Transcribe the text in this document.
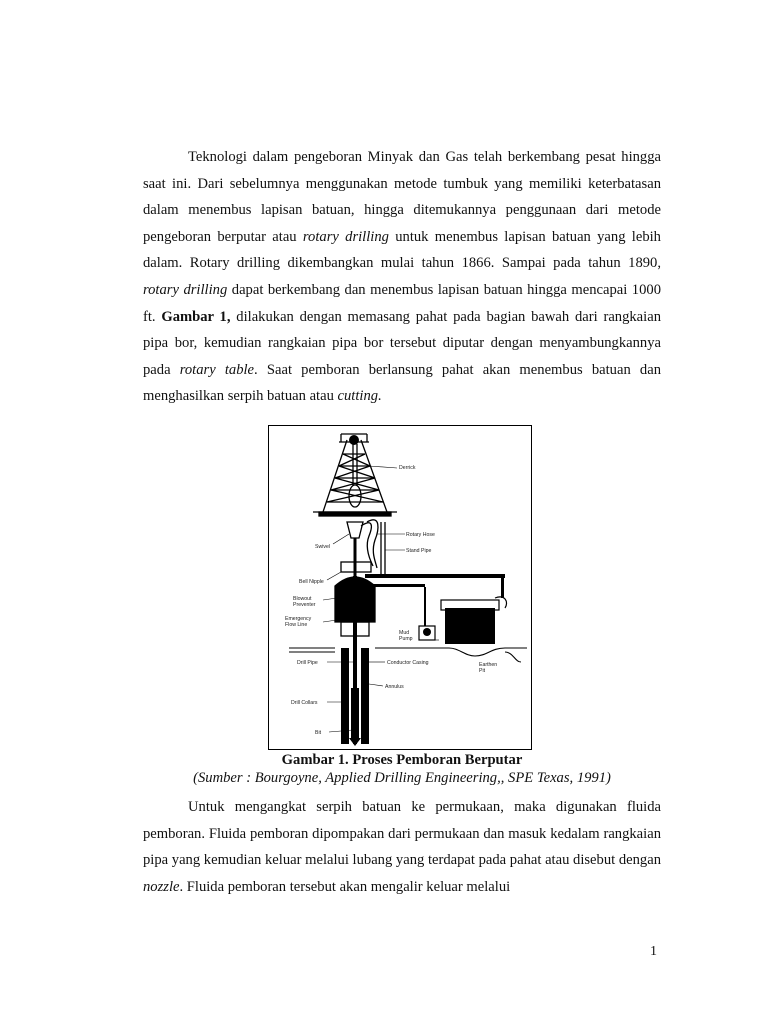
Teknologi dalam pengeboran Minyak dan Gas telah berkembang pesat hingga saat ini. Dari sebelumnya menggunakan metode tumbuk yang memiliki keterbatasan dalam menembus lapisan batuan, hingga ditemukannya penggunaan dari metode pengeboran berputar atau rotary drilling untuk menembus lapisan batuan yang lebih dalam. Rotary drilling dikembangkan mulai tahun 1866. Sampai pada tahun 1890, rotary drilling dapat berkembang dan menembus lapisan batuan hingga mencapai 1000 ft. Gambar 1, dilakukan dengan memasang pahat pada bagian bawah dari rangkaian pipa bor, kemudian rangkaian pipa bor tersebut diputar dengan menyambungkannya pada rotary table. Saat pemboran berlansung pahat akan menembus batuan dan menghasilkan serpih batuan atau cutting.

Derrick
Rotary Hose
Swivel
Stand Pipe
Bell Nipple
Blowout
Preventer
Emergency
Flow Line
Mud
Pump
Drill Pipe	Conductor Casing	Earthen
Pit
Annulus
Drill Collars
Bit
Gambar 1. Proses Pemboran Berputar
(Sumber : Bourgoyne, Applied Drilling Engineering,, SPE Texas, 1991)

Untuk mengangkat serpih batuan ke permukaan, maka digunakan fluida pemboran. Fluida pemboran dipompakan dari permukaan dan masuk kedalam rangkaian pipa yang kemudian keluar melalui lubang yang terdapat pada pahat atau disebut dengan nozzle. Fluida pemboran tersebut akan mengalir keluar melalui

1
